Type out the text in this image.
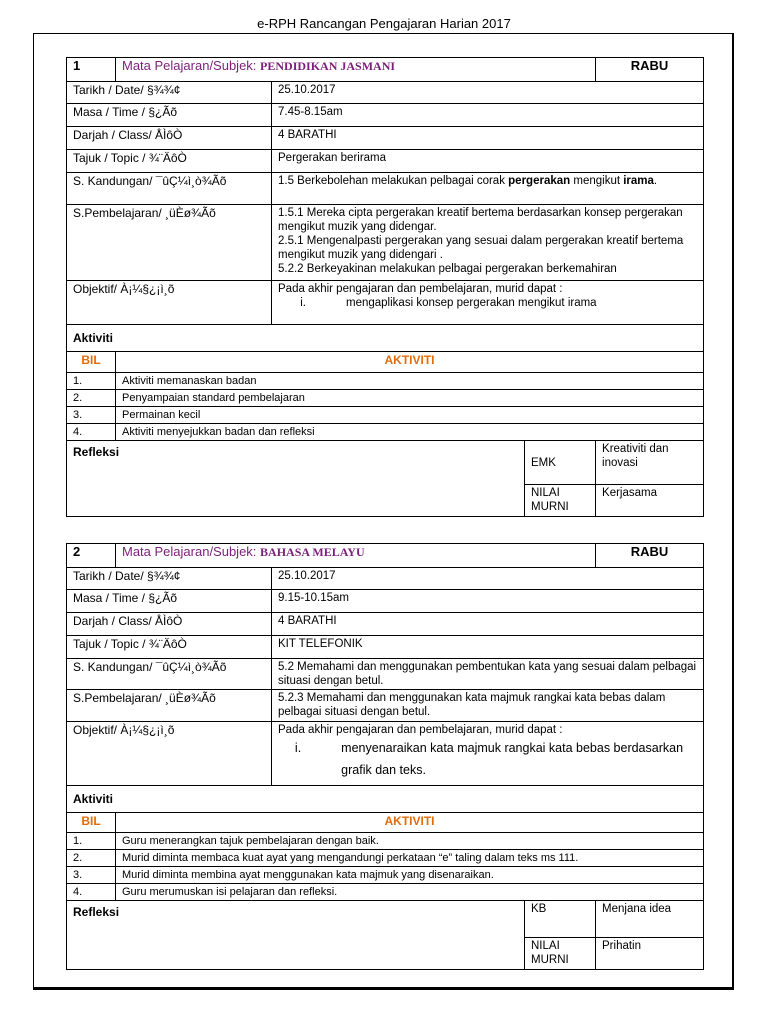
e-RPH Rancangan Pengajaran Harian 2017
1	Mata Pelajaran/Subjek: PENDIDIKAN JASMANI			RABU
Tarikh / Date/ §¾¾¢		25.10.2017		
Masa / Time / §¿Ãõ		7.45-8.15am		
Darjah / Class/ ÅÌôÒ		4 BARATHI		
Tajuk / Topic / ¾¨ÄôÒ		Pergerakan berirama		
S. Kandungan/ ¯ûÇ¼ì¸ò¾Ãõ		1.5 Berkebolehan melakukan pelbagai corak pergerakan mengikut irama.		
S.Pembelajaran/ ¸üÈø¾Ãõ		1.5.1 Mereka cipta pergerakan kreatif bertema berdasarkan konsep pergerakan mengikut muzik yang didengar.
2.5.1 Mengenalpasti pergerakan yang sesuai dalam pergerakan kreatif bertema mengikut muzik yang didengari .
5.2.2 Berkeyakinan melakukan pelbagai pergerakan berkemahiran		

Objektif/ À¡¼§¿¡ì¸õ		Pada akhir pengajaran dan pembelajaran, murid dapat :
i. mengaplikasi konsep pergerakan mengikut irama		

Aktiviti				
BIL	AKTIVITI			
1.	Aktiviti memanaskan badan			
2.	Penyampaian standard pembelajaran			
3.	Permainan kecil			
4.	Aktiviti menyejukkan badan dan refleksi			
Refleksi			EMK	Kreativiti dan inovasi
			NILAI MURNI	Kerjasama
2	Mata Pelajaran/Subjek: BAHASA MELAYU			RABU
Tarikh / Date/ §¾¾¢		25.10.2017		
Masa / Time / §¿Ãõ		9.15-10.15am		
Darjah / Class/ ÅÌôÒ		4 BARATHI		
Tajuk / Topic / ¾¨ÄôÒ		KIT TELEFONIK		
S. Kandungan/ ¯ûÇ¼ì¸ò¾Ãõ		5.2 Memahami dan menggunakan pembentukan kata yang sesuai dalam pelbagai situasi dengan betul.		
S.Pembelajaran/ ¸üÈø¾Ãõ		5.2.3 Memahami dan menggunakan kata majmuk rangkai kata bebas dalam pelbagai situasi dengan betul.		

Objektif/ À¡¼§¿¡ì¸õ		Pada akhir pengajaran dan pembelajaran, murid dapat :
i. menyenaraikan kata majmuk rangkai kata bebas berdasarkan grafik dan teks.		

Aktiviti				
BIL	AKTIVITI			
1.	Guru menerangkan tajuk pembelajaran dengan baik.			
2.	Murid diminta membaca kuat ayat yang mengandungi perkataan “e” taling dalam teks ms 111.			
3.	Murid diminta membina ayat menggunakan kata majmuk yang disenaraikan.			
4.	Guru merumuskan isi pelajaran dan refleksi.			
Refleksi			KB	Menjana idea
			NILAI MURNI	Prihatin
